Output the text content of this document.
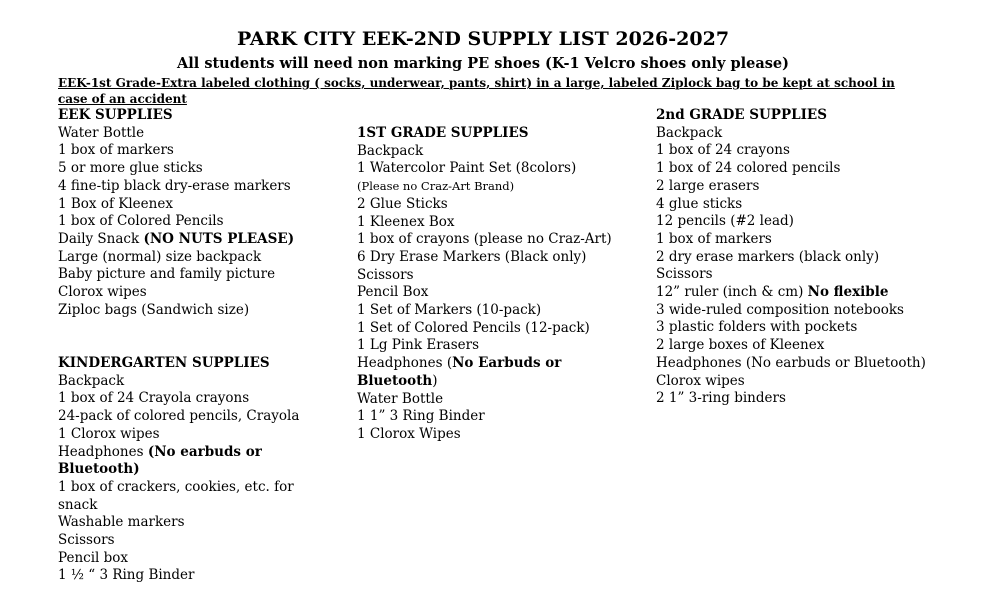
PARK CITY EEK-2ND SUPPLY LIST 2026-2027
All students will need non marking PE shoes (K-1 Velcro shoes only please)
EEK-1st Grade-Extra labeled clothing ( socks, underwear, pants, shirt) in a large, labeled Ziplock bag to be kept at school in case of an accident
EEK SUPPLIES
Water Bottle
1 box of markers
5 or more glue sticks
4 fine-tip black dry-erase markers
1 Box of Kleenex
1 box of Colored Pencils
Daily Snack (NO NUTS PLEASE)
Large (normal) size backpack
Baby picture and family picture
Clorox wipes
Ziploc bags (Sandwich size)
KINDERGARTEN SUPPLIES
Backpack
1 box of 24 Crayola crayons
24-pack of colored pencils, Crayola
1 Clorox wipes
Headphones (No earbuds or Bluetooth)
1 box of crackers, cookies, etc. for snack
Washable markers
Scissors
Pencil box
1 ½ “ 3 Ring Binder
1ST GRADE SUPPLIES
Backpack
1 Watercolor Paint Set (8colors) (Please no Craz-Art Brand)
2 Glue Sticks
1 Kleenex Box
1 box of crayons (please no Craz-Art)
6 Dry Erase Markers (Black only)
Scissors
Pencil Box
1 Set of Markers (10-pack)
1 Set of Colored Pencils (12-pack)
1 Lg Pink Erasers
Headphones (No Earbuds or Bluetooth)
Water Bottle
1 1” 3 Ring Binder
1 Clorox Wipes
2nd GRADE SUPPLIES
Backpack
1 box of 24 crayons
1 box of 24 colored pencils
2 large erasers
4 glue sticks
12 pencils (#2 lead)
1 box of markers
2 dry erase markers (black only)
Scissors
12” ruler (inch & cm) No flexible
3 wide-ruled composition notebooks
3 plastic folders with pockets
2 large boxes of Kleenex
Headphones (No earbuds or Bluetooth)
Clorox wipes
2 1” 3-ring binders
